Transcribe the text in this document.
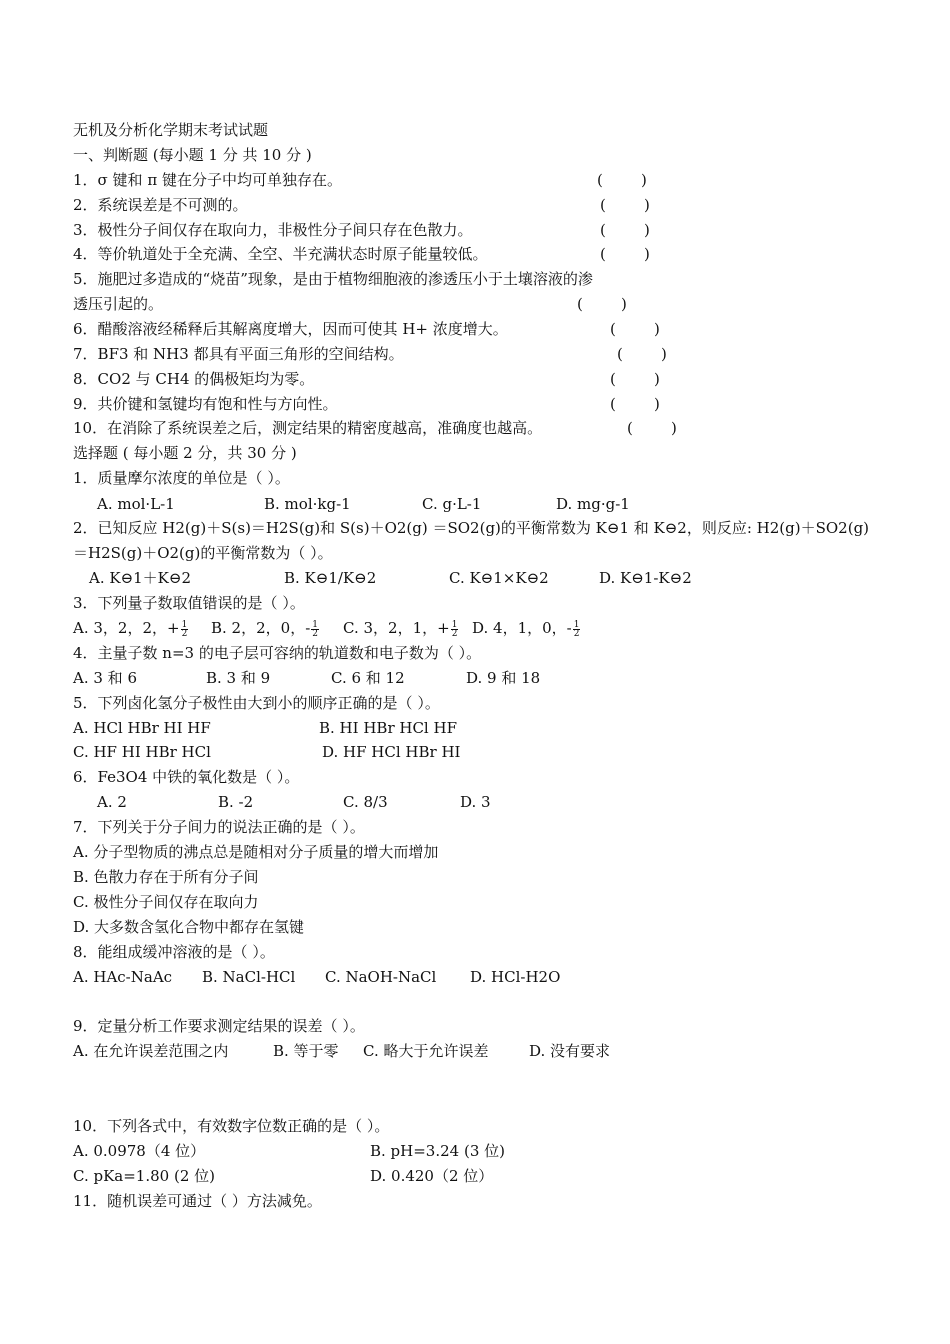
无机及分析化学期末考试试题
一、判断题 (每小题 1 分 共 10 分 )
1．σ 键和 π 键在分子中均可单独存在。	(        )
2．系统误差是不可测的。	(        )
3．极性分子间仅存在取向力，非极性分子间只存在色散力。	(        )
4．等价轨道处于全充满、全空、半充满状态时原子能量较低。	(        )
5．施肥过多造成的“烧苗”现象，是由于植物细胞液的渗透压小于土壤溶液的渗
透压引起的。	(        )
6．醋酸溶液经稀释后其解离度增大，因而可使其 H+ 浓度增大。	(        )
7．BF3 和 NH3 都具有平面三角形的空间结构。	(        )
8．CO2 与 CH4 的偶极矩均为零。	(        )
9．共价键和氢键均有饱和性与方向性。	(        )
10．在消除了系统误差之后，测定结果的精密度越高，准确度也越高。	(        )
选择题 ( 每小题 2 分，共 30 分 )
1．质量摩尔浓度的单位是（ ）。
A. mol·L-1	B. mol·kg-1	C. g·L-1	D. mg·g-1
2．已知反应 H2(g)＋S(s)＝H2S(g)和 S(s)＋O2(g) ＝SO2(g)的平衡常数为 K⊖1 和 K⊖2，则反应: H2(g)＋SO2(g)
＝H2S(g)＋O2(g)的平衡常数为（ ）。
A. K⊖1＋K⊖2	B. K⊖1/K⊖2	C. K⊖1×K⊖2	D. K⊖1-K⊖2
3．下列量子数取值错误的是（ ）。
A. 3，2，2，+ $\frac{1}{2} B$. 2，2，0，- $\frac{1}{2} C$. 3，2，1，+ $\frac{1}{2} D$. 4，1，0，- $\frac{1}{2}$
4．主量子数 n=3 的电子层可容纳的轨道数和电子数为（ ）。
A. 3 和 6	B. 3 和 9	C. 6 和 12	D. 9 和 18
5．下列卤化氢分子极性由大到小的顺序正确的是（ ）。
A. HCl HBr HI HF	B. HI HBr HCl HF
C. HF HI HBr HCl	D. HF HCl HBr HI
6．Fe3O4 中铁的氧化数是（ ）。
A. 2	B. -2	C. 8/3	D. 3
7．下列关于分子间力的说法正确的是（ ）。
A. 分子型物质的沸点总是随相对分子质量的增大而增加
B. 色散力存在于所有分子间
C. 极性分子间仅存在取向力
D. 大多数含氢化合物中都存在氢键
8．能组成缓冲溶液的是（ ）。
A. HAc-NaAc B. NaCl-HCl C. NaOH-NaCl D. HCl-H2O
9．定量分析工作要求测定结果的误差（ ）。
A. 在允许误差范围之内	B. 等于零 C. 略大于允许误差	D. 没有要求
10．下列各式中，有效数字位数正确的是（ ）。
A. 0.0978（4 位）	B. pH=3.24 (3 位)
C. pKa=1.80 (2 位)	D. 0.420（2 位）
11．随机误差可通过（ ）方法减免。
